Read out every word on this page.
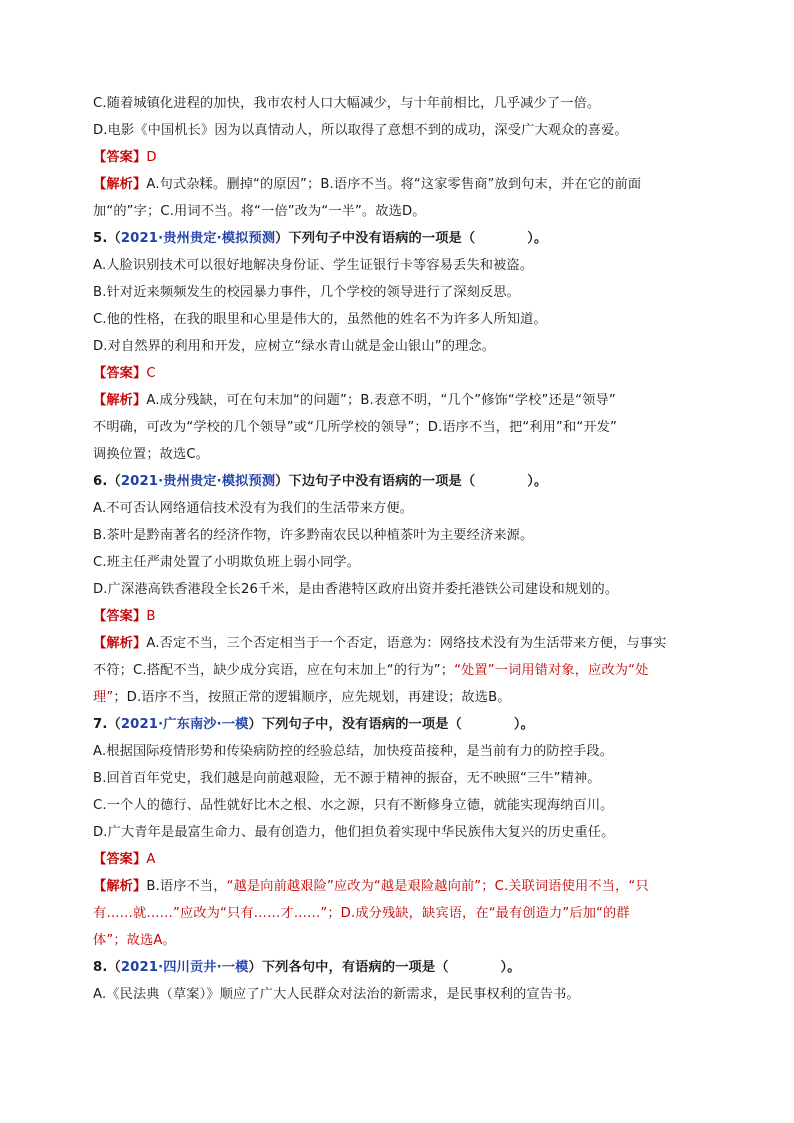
C.随着城镇化进程的加快，我市农村人口大幅减少，与十年前相比，几乎减少了一倍。
D.电影《中国机长》因为以真情动人，所以取得了意想不到的成功，深受广大观众的喜爱。
【答案】D
【解析】A.句式杂糅。删掉“的原因”；B.语序不当。将“这家零售商”放到句末，并在它的前面
加“的”字；C.用词不当。将“一倍”改为“一半”。故选D。
5.（2021·贵州贵定·模拟预测）下列句子中没有语病的一项是（	）。
A.人脸识别技术可以很好地解决身份证、学生证银行卡等容易丢失和被盗。
B.针对近来频频发生的校园暴力事件，几个学校的领导进行了深刻反思。
C.他的性格，在我的眼里和心里是伟大的，虽然他的姓名不为许多人所知道。
D.对自然界的利用和开发，应树立“绿水青山就是金山银山”的理念。
【答案】C
【解析】A.成分残缺，可在句末加“的问题”；B.表意不明，“几个”修饰“学校”还是“领导”
不明确，可改为“学校的几个领导”或“几所学校的领导”；D.语序不当，把“利用”和“开发”
调换位置；故选C。
6.（2021·贵州贵定·模拟预测）下边句子中没有语病的一项是（	）。
A.不可否认网络通信技术没有为我们的生活带来方便。
B.茶叶是黔南著名的经济作物，许多黔南农民以种植茶叶为主要经济来源。
C.班主任严肃处置了小明欺负班上弱小同学。
D.广深港高铁香港段全长26千米，是由香港特区政府出资并委托港铁公司建设和规划的。
【答案】B
【解析】A.否定不当，三个否定相当于一个否定，语意为：网络技术没有为生活带来方便，与事实
不符；C.搭配不当，缺少成分宾语，应在句末加上“的行为”；“处置”一词用错对象，应改为“处
理”；D.语序不当，按照正常的逻辑顺序，应先规划，再建设；故选B。
7.（2021·广东南沙·一模）下列句子中，没有语病的一项是（	）。
A.根据国际疫情形势和传染病防控的经验总结，加快疫苗接种，是当前有力的防控手段。
B.回首百年党史，我们越是向前越艰险，无不源于精神的振奋，无不映照“三牛”精神。
C.一个人的德行、品性就好比木之根、水之源，只有不断修身立德，就能实现海纳百川。
D.广大青年是最富生命力、最有创造力，他们担负着实现中华民族伟大复兴的历史重任。
【答案】A
【解析】B.语序不当，“越是向前越艰险”应改为“越是艰险越向前”；C.关联词语使用不当，“只
有……就……”应改为“只有……才……”；D.成分残缺，缺宾语，在“最有创造力”后加“的群
体”；故选A。
8.（2021·四川贡井·一模）下列各句中，有语病的一项是（	）。
A.《民法典（草案）》顺应了广大人民群众对法治的新需求，是民事权利的宣告书。
